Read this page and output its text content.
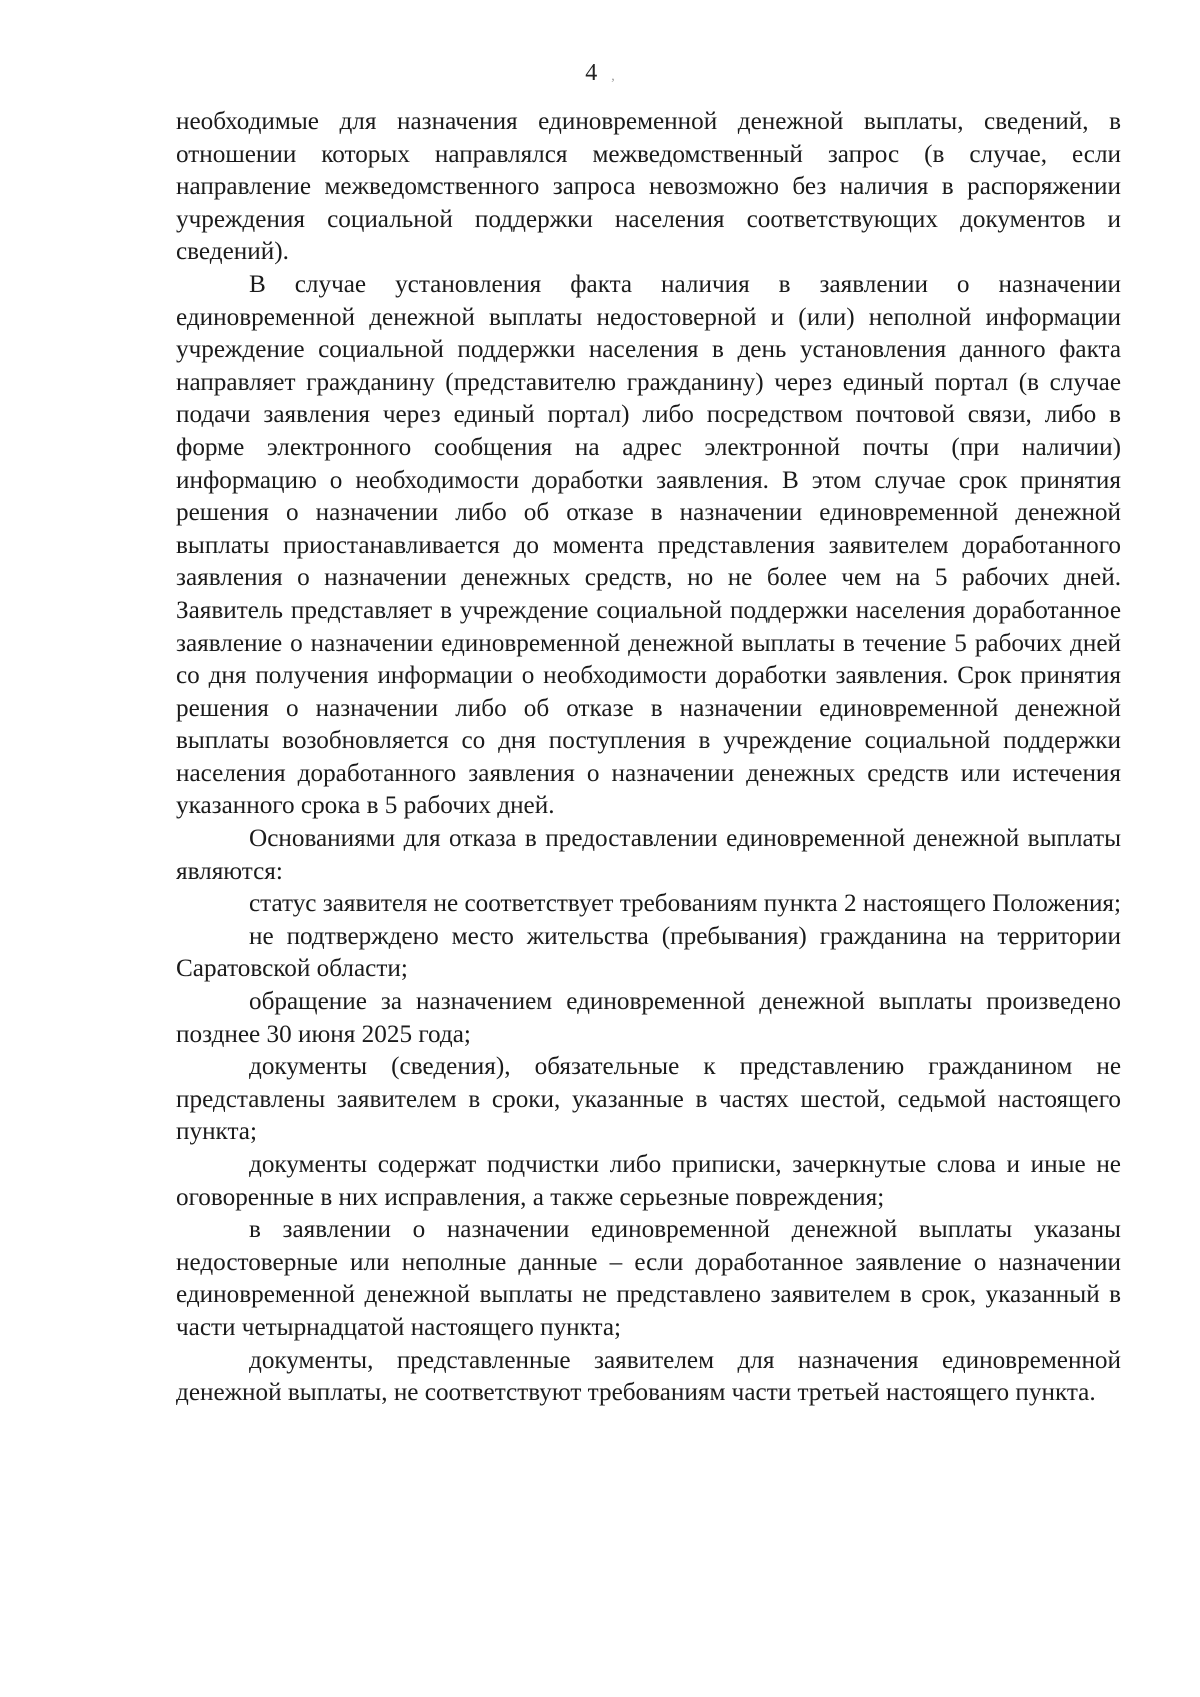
4 ,

необходимые для назначения единовременной денежной выплаты, сведений, в отношении которых направлялся межведомственный запрос (в случае, если направление межведомственного запроса невозможно без наличия в распоряжении учреждения социальной поддержки населения соответствующих документов и сведений).

В случае установления факта наличия в заявлении о назначении единовременной денежной выплаты недостоверной и (или) неполной информации учреждение социальной поддержки населения в день установления данного факта направляет гражданину (представителю гражданину) через единый портал (в случае подачи заявления через единый портал) либо посредством почтовой связи, либо в форме электронного сообщения на адрес электронной почты (при наличии) информацию о необходимости доработки заявления. В этом случае срок принятия решения о назначении либо об отказе в назначении единовременной денежной выплаты приостанавливается до момента представления заявителем доработанного заявления о назначении денежных средств, но не более чем на 5 рабочих дней. Заявитель представляет в учреждение социальной поддержки населения доработанное заявление о назначении единовременной денежной выплаты в течение 5 рабочих дней со дня получения информации о необходимости доработки заявления. Срок принятия решения о назначении либо об отказе в назначении единовременной денежной выплаты возобновляется со дня поступления в учреждение социальной поддержки населения доработанного заявления о назначении денежных средств или истечения указанного срока в 5 рабочих дней.

Основаниями для отказа в предоставлении единовременной денежной выплаты являются:

статус заявителя не соответствует требованиям пункта 2 настоящего Положения;

не подтверждено место жительства (пребывания) гражданина на территории Саратовской области;

обращение за назначением единовременной денежной выплаты произведено позднее 30 июня 2025 года;

документы (сведения), обязательные к представлению гражданином не представлены заявителем в сроки, указанные в частях шестой, седьмой настоящего пункта;

документы содержат подчистки либо приписки, зачеркнутые слова и иные не оговоренные в них исправления, а также серьезные повреждения;

в заявлении о назначении единовременной денежной выплаты указаны недостоверные или неполные данные – если доработанное заявление о назначении единовременной денежной выплаты не представлено заявителем в срок, указанный в части четырнадцатой настоящего пункта;

документы, представленные заявителем для назначения единовременной денежной выплаты, не соответствуют требованиям части третьей настоящего пункта.
